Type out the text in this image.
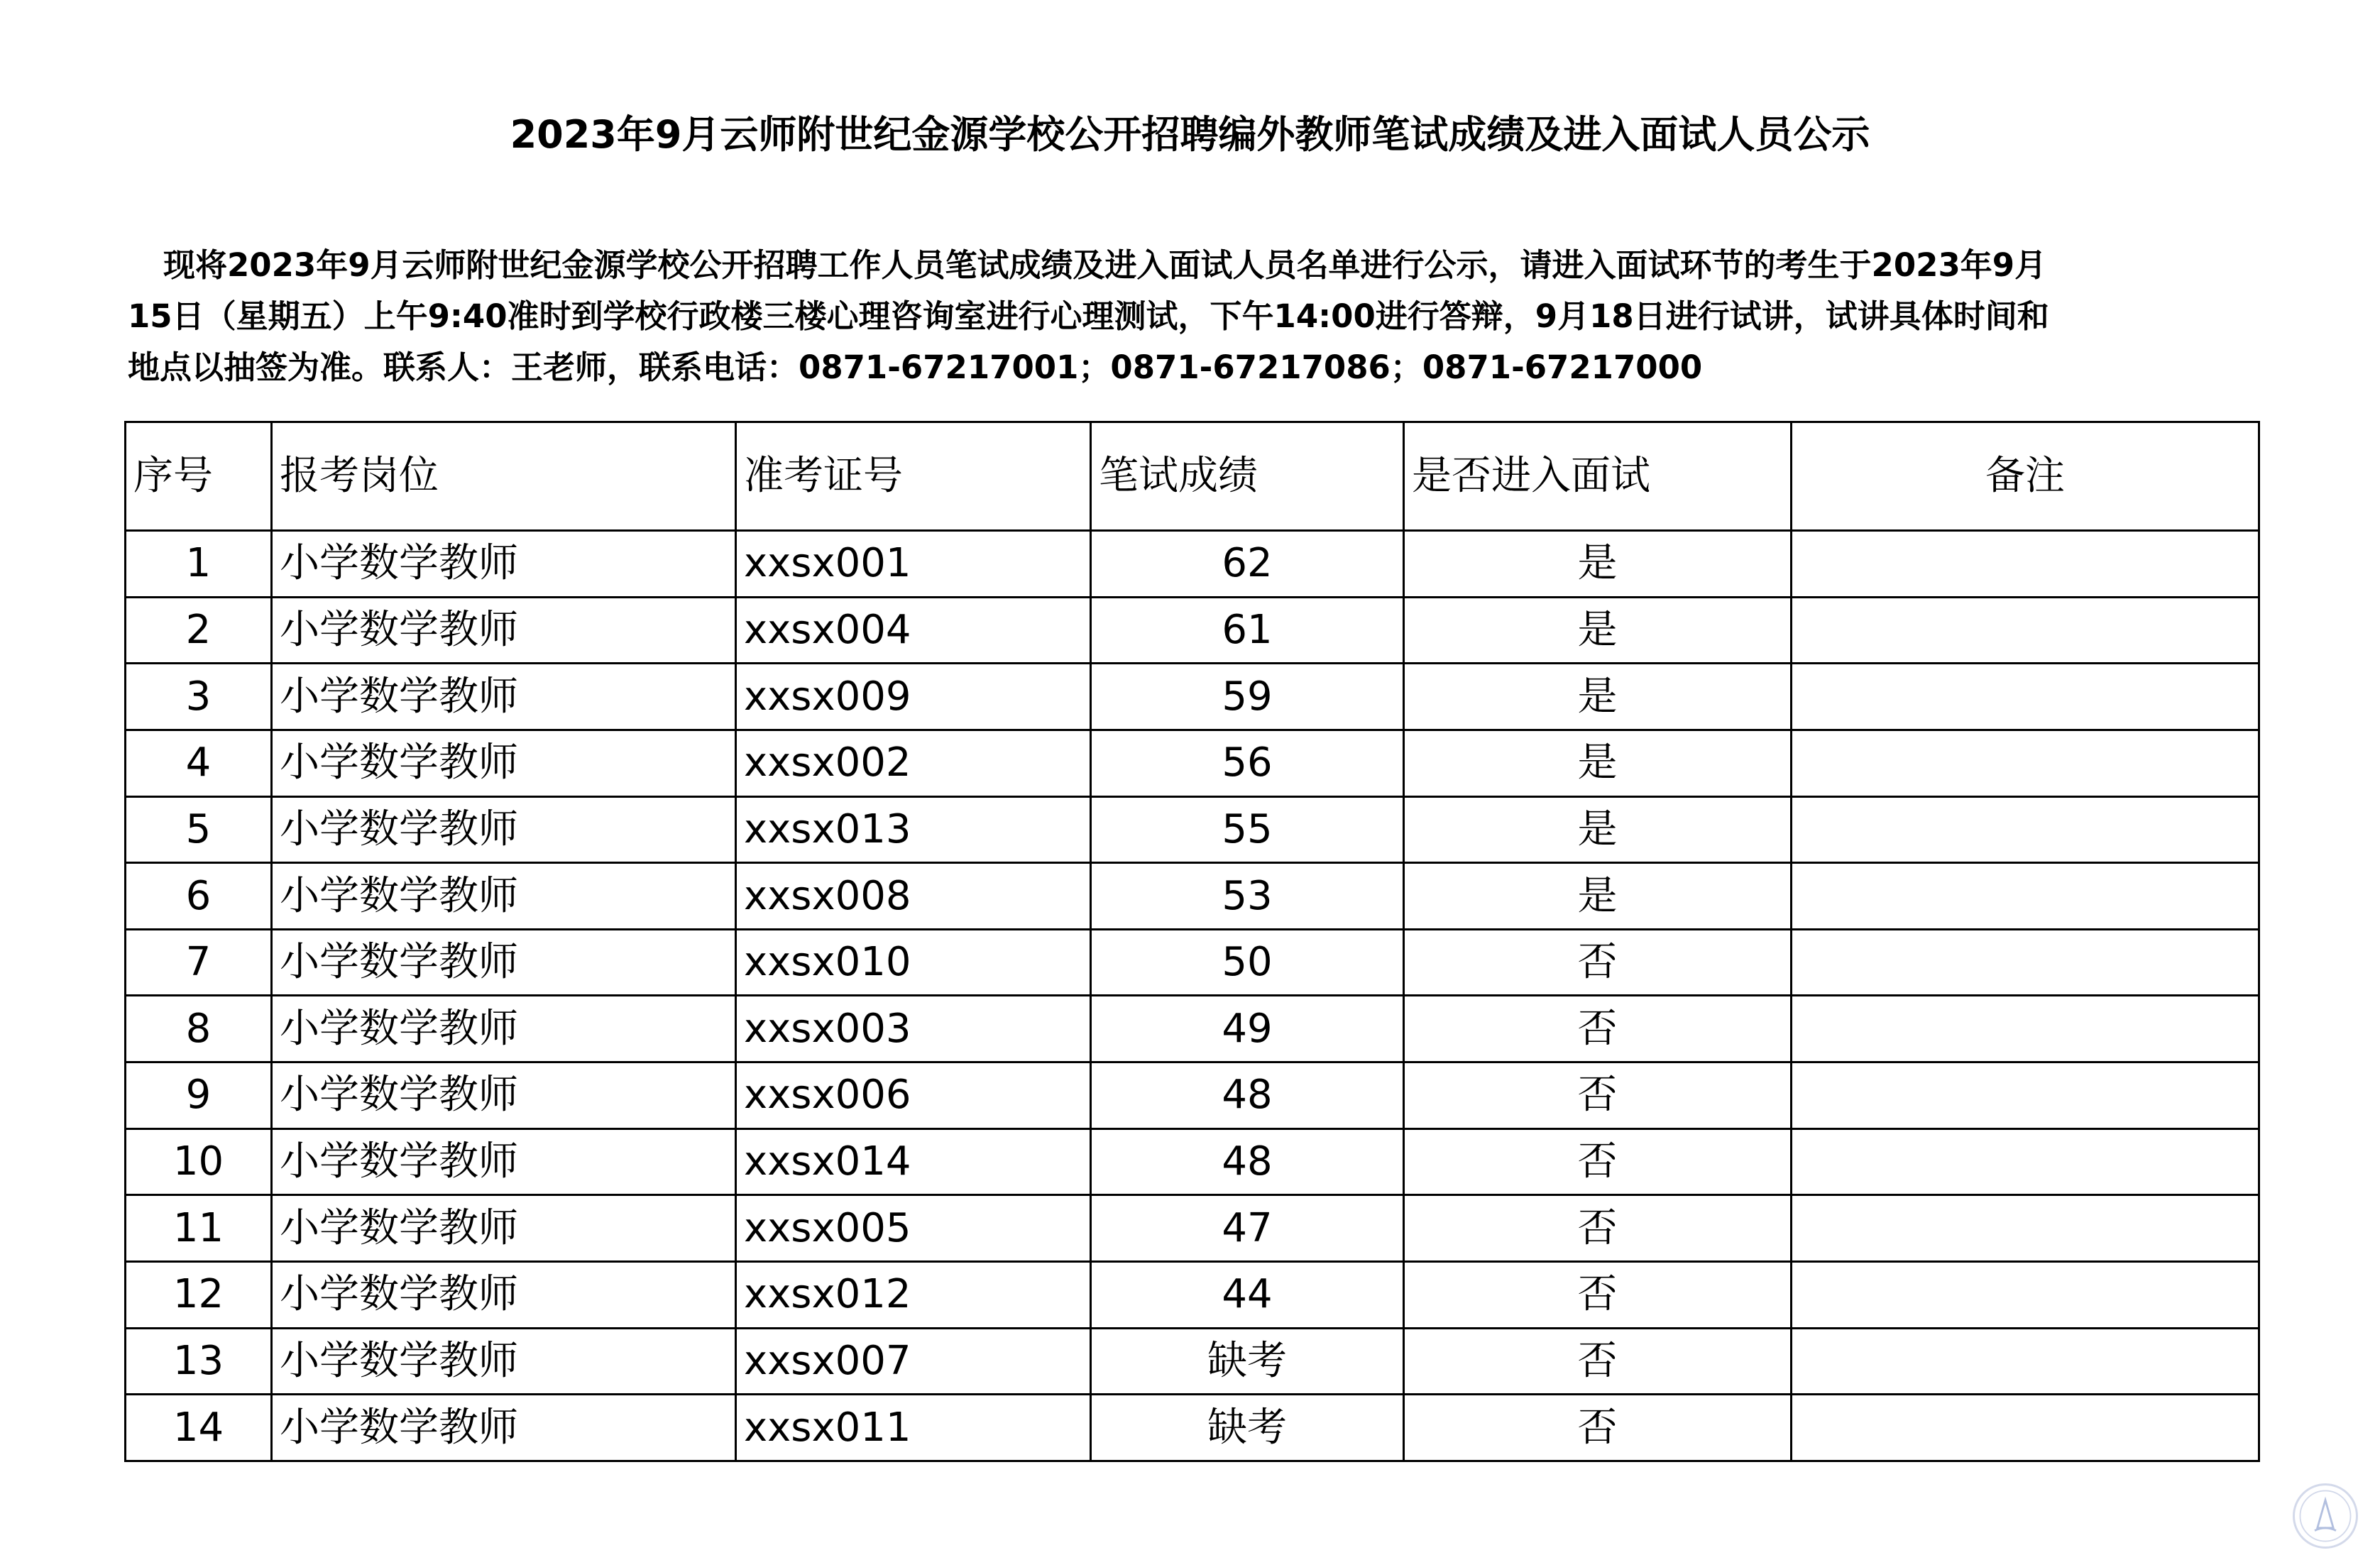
2023年9月云师附世纪金源学校公开招聘编外教师笔试成绩及进入面试人员公示
现将2023年9月云师附世纪金源学校公开招聘工作人员笔试成绩及进入面试人员名单进行公示，请进入面试环节的考生于2023年9月
15日（星期五）上午9:40准时到学校行政楼三楼心理咨询室进行心理测试，下午14:00进行答辩，9月18日进行试讲，试讲具体时间和
地点以抽签为准。联系人：王老师，联系电话：0871-67217001；0871-67217086；0871-67217000
序号	报考岗位	准考证号	笔试成绩	是否进入面试	备注
1	小学数学教师	xxsx001	62	是	
2	小学数学教师	xxsx004	61	是	
3	小学数学教师	xxsx009	59	是	
4	小学数学教师	xxsx002	56	是	
5	小学数学教师	xxsx013	55	是	
6	小学数学教师	xxsx008	53	是	
7	小学数学教师	xxsx010	50	否	
8	小学数学教师	xxsx003	49	否	
9	小学数学教师	xxsx006	48	否	
10	小学数学教师	xxsx014	48	否	
11	小学数学教师	xxsx005	47	否	
12	小学数学教师	xxsx012	44	否	
13	小学数学教师	xxsx007	缺考	否	
14	小学数学教师	xxsx011	缺考	否	
